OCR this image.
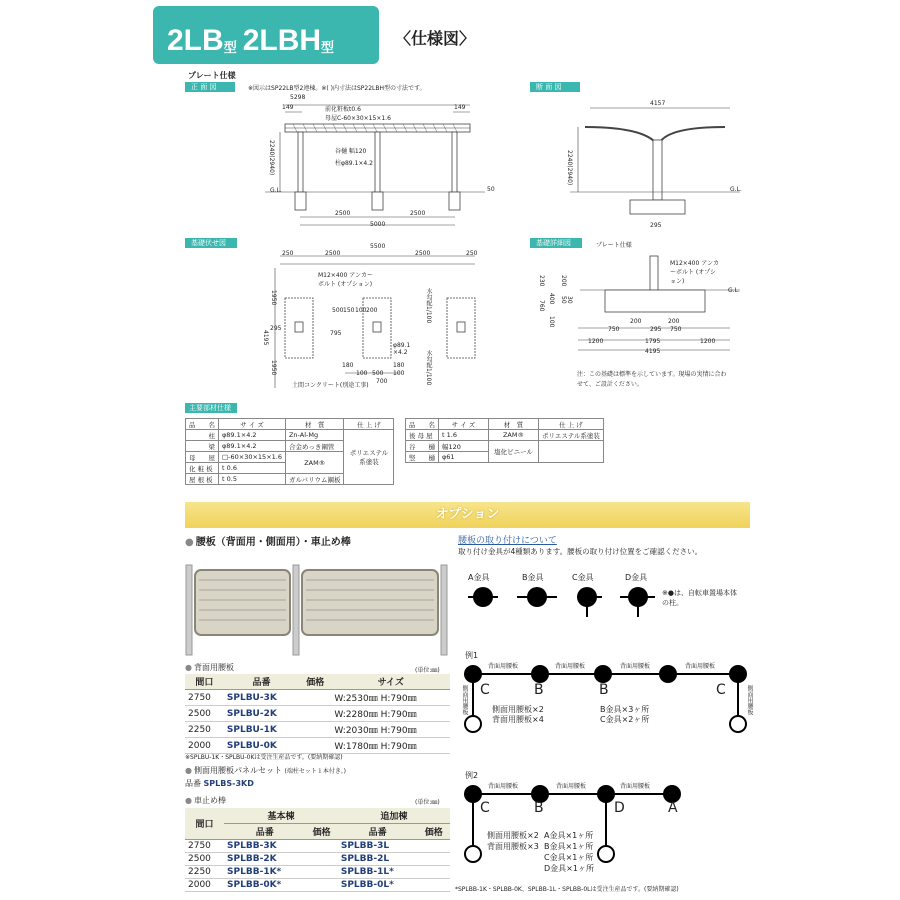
2LB 型 2LBH 型	〈仕様図〉
プレート仕様
正 面 図	※図示はSP22LB型2連棟。※( )内寸法はSP22LBH型の寸法です。
5298
149	149
前化粧板t0.6
母屋C-60×30×15×1.6
谷樋 幅120
柱φ89.1×4.2
2240(2940)
G.L.	50
2500	2500
5000
断 面 図
4157
2240(2940)
G.L.
295
基礎伏せ図
250	2500	2500	250
5500
M12×400 アンカーボルト (オプション)
1950
4195
295
1950
500 150 100 200
795
φ89.1 ×4.2
180
100 500
180
100
700
水勾配1/100
水勾配1/100
土間コンクリート(別途工事)
基礎詳細図	プレート仕様
M12×400 アンカーボルト (オプション)
G.L.
230
760
400
200
100
50 30
200	200
750	295 750
1200	1795	1200
4195
注：この基礎は標準を示しています。現場の実情に合わせて、ご設計ください。
主要部材仕様
品　　名	サ イ ズ	材　質	仕 上 げ
柱	φ89.1×4.2	Zn-Al-Mg	ポリエステル系塗装
梁	φ89.1×4.2	合金めっき鋼管	
母　　屋	□-60×30×15×1.6	ZAM®	
化 粧 板	t 0.6		
屋 根 板	t 0.5	ガルバリウム鋼板	
品　　名	サ イ ズ	材　質	仕 上 げ
後 母 屋	t 1.6	ZAM®	ポリエステル系塗装
谷　　樋	幅120	塩化ビニール	
竪　　樋	φ61		
オプション
● 腰板（背面用・側面用）・車止め棒	腰板の取り付けについて
取り付け金具が4種類あります。腰板の取り付け位置をご確認ください。
A金具	B金具	C金具	D金具
※●は、自転車置場本体の柱。
● 背面用腰板	(単位:㎜)
間口	品番	価格	サイズ
2750	SPLBU-3K		W:2530㎜ H:790㎜
2500	SPLBU-2K		W:2280㎜ H:790㎜
2250	SPLBU-1K		W:2030㎜ H:790㎜
2000	SPLBU-0K		W:1780㎜ H:790㎜
※SPLBU-1K・SPLBU-0Kは受注生産品です。(要納期確認)
● 側面用腰板パネルセット (端柱セット１本付き。)
品番 SPLBS-3KD
● 車止め棒	(単位:㎜)
間口	基本棟		追加棟	
	品番	価格	品番	価格
2750	SPLBB-3K		SPLBB-3L	
2500	SPLBB-2K		SPLBB-2L	
2250	SPLBB-1K*		SPLBB-1L*	
2000	SPLBB-0K*		SPLBB-0L*	
例1
背面用腰板	背面用腰板	背面用腰板	背面用腰板
側面用腰板	側面用腰板
C	B	B	C
側面用腰板×2
背面用腰板×4
B金具×3ヶ所
C金具×2ヶ所
例2
背面用腰板	背面用腰板	背面用腰板
C	B	D	A
側面用腰板×2
背面用腰板×3
A金具×1ヶ所
B金具×1ヶ所
C金具×1ヶ所
D金具×1ヶ所
*SPLBB-1K・SPLBB-0K、SPLBB-1L・SPLBB-0Lは受注生産品です。(要納期確認)
